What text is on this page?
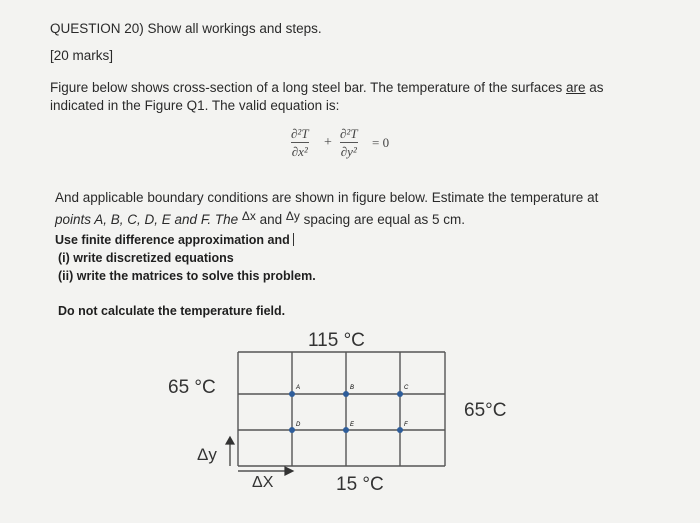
QUESTION 20) Show all workings and steps.
[20 marks]
Figure below shows cross-section of a long steel bar. The temperature of the surfaces are as
indicated in the Figure Q1. The valid equation is:
∂²T
∂x²
+
∂²T
∂y²
= 0
And applicable boundary conditions are shown in figure below. Estimate the temperature at
points A, B, C, D, E and F. The Δx and Δy spacing are equal as 5 cm.
Use finite difference approximation and
(i) write discretized equations
(ii) write the matrices to solve this problem.
Do not calculate the temperature field.
115 °C
65 °C
65°C
15 °C
Δy
ΔX
A	B	C
D	E	F
